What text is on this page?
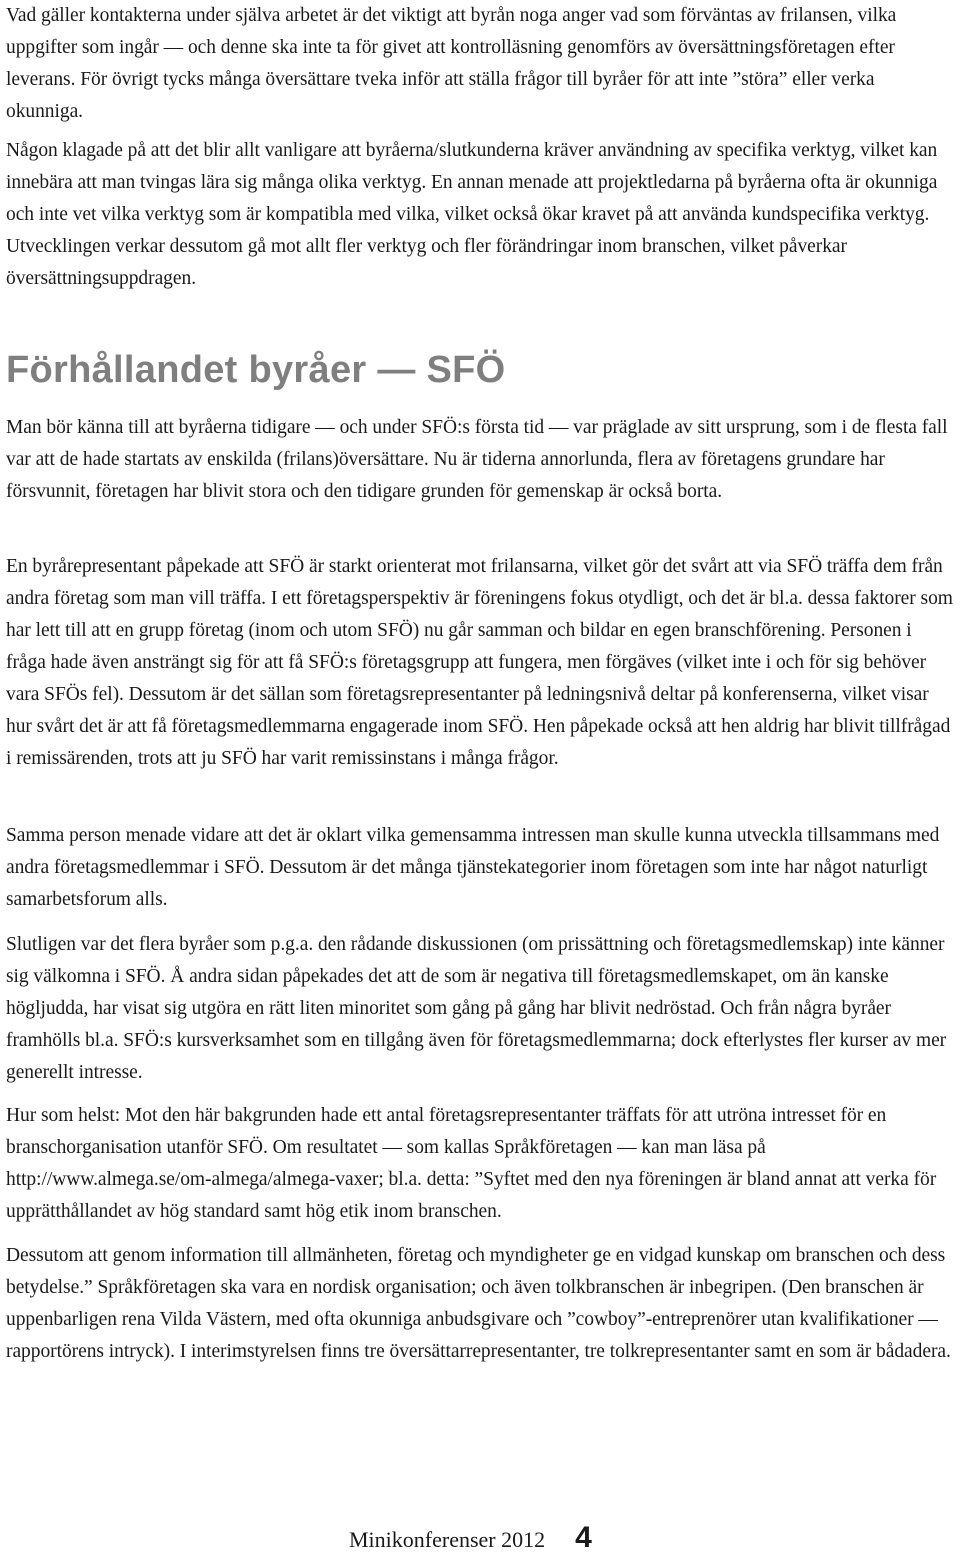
Vad gäller kontakterna under själva arbetet är det viktigt att byrån noga anger vad som förväntas av frilansen, vilka uppgifter som ingår — och denne ska inte ta för givet att kontrolläsning genomförs av översättningsföretagen efter leverans. För övrigt tycks många översättare tveka inför att ställa frågor till byråer för att inte ”störa” eller verka okunniga.

Någon klagade på att det blir allt vanligare att byråerna/slutkunderna kräver användning av specifika verktyg, vilket kan innebära att man tvingas lära sig många olika verktyg. En annan menade att projektledarna på byråerna ofta är okunniga och inte vet vilka verktyg som är kompatibla med vilka, vilket också ökar kravet på att använda kundspecifika verktyg. Utvecklingen verkar dessutom gå mot allt fler verktyg och fler förändringar inom branschen, vilket påverkar översättningsuppdragen.

Förhållandet byråer — SFÖ

Man bör känna till att byråerna tidigare — och under SFÖ:s första tid — var präglade av sitt ursprung, som i de flesta fall var att de hade startats av enskilda (frilans)översättare. Nu är tiderna annorlunda, flera av företagens grundare har försvunnit, företagen har blivit stora och den tidigare grunden för gemenskap är också borta.

En byrårepresentant påpekade att SFÖ är starkt orienterat mot frilansarna, vilket gör det svårt att via SFÖ träffa dem från andra företag som man vill träffa. I ett företagsperspektiv är föreningens fokus otydligt, och det är bl.a. dessa faktorer som har lett till att en grupp företag (inom och utom SFÖ) nu går samman och bildar en egen branschförening. Personen i fråga hade även ansträngt sig för att få SFÖ:s företagsgrupp att fungera, men förgäves (vilket inte i och för sig behöver vara SFÖs fel). Dessutom är det sällan som företagsrepresentanter på ledningsnivå deltar på konferenserna, vilket visar hur svårt det är att få företagsmedlemmarna engagerade inom SFÖ. Hen påpekade också att hen aldrig har blivit tillfrågad i remissärenden, trots att ju SFÖ har varit remissinstans i många frågor.

Samma person menade vidare att det är oklart vilka gemensamma intressen man skulle kunna utveckla tillsammans med andra företagsmedlemmar i SFÖ. Dessutom är det många tjänstekategorier inom företagen som inte har något naturligt samarbetsforum alls.

Slutligen var det flera byråer som p.g.a. den rådande diskussionen (om prissättning och företagsmedlemskap) inte känner sig välkomna i SFÖ. Å andra sidan påpekades det att de som är negativa till företagsmedlemskapet, om än kanske högljudda, har visat sig utgöra en rätt liten minoritet som gång på gång har blivit nedröstad. Och från några byråer framhölls bl.a. SFÖ:s kursverksamhet som en tillgång även för företagsmedlemmarna; dock efterlystes fler kurser av mer generellt intresse.

Hur som helst: Mot den här bakgrunden hade ett antal företagsrepresentanter träffats för att utröna intresset för en branschorganisation utanför SFÖ. Om resultatet — som kallas Språkföretagen — kan man läsa på http://www.almega.se/om-almega/almega-vaxer; bl.a. detta: ”Syftet med den nya föreningen är bland annat att verka för upprätthållandet av hög standard samt hög etik inom branschen.

Dessutom att genom information till allmänheten, företag och myndigheter ge en vidgad kunskap om branschen och dess betydelse.” Språkföretagen ska vara en nordisk organisation; och även tolkbranschen är inbegripen. (Den branschen är uppenbarligen rena Vilda Västern, med ofta okunniga anbudsgivare och ”cowboy”-entreprenörer utan kvalifikationer — rapportörens intryck). I interimstyrelsen finns tre översättarrepresentanter, tre tolkrepresentanter samt en som är bådadera.

Minikonferenser 2012 4
